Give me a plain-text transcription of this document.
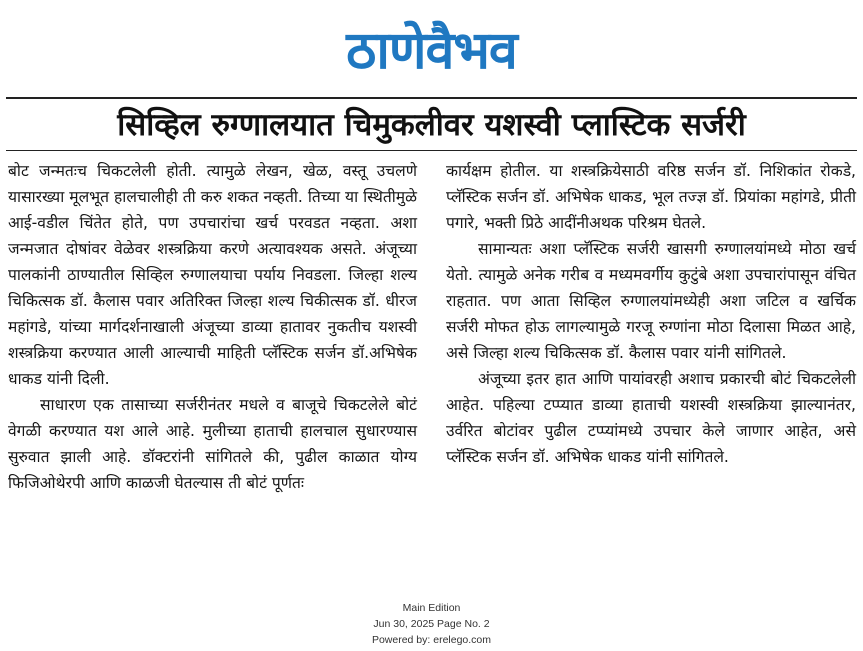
ठाणेवैभव
सिव्हिल रुग्णालयात चिमुकलीवर यशस्वी प्लास्टिक सर्जरी

बोट जन्मतःच चिकटलेली होती. त्यामुळे लेखन, खेळ, वस्तू उचलणे यासारख्या मूलभूत हालचालीही ती करु शकत नव्हती. तिच्या या स्थितीमुळे आई-वडील चिंतेत होते, पण उपचारांचा खर्च परवडत नव्हता. अशा जन्मजात दोषांवर वेळेवर शस्त्रक्रिया करणे अत्यावश्यक असते. अंजूच्या पालकांनी ठाण्यातील सिव्हिल रुग्णालयाचा पर्याय निवडला. जिल्हा शल्य चिकित्सक डॉ. कैलास पवार अतिरिक्त जिल्हा शल्य चिकीत्सक डॉ. धीरज महांगडे, यांच्या मार्गदर्शनाखाली अंजूच्या डाव्या हातावर नुकतीच यशस्वी शस्त्रक्रिया करण्यात आली आल्याची माहिती प्लॅस्टिक सर्जन डॉ.अभिषेक धाकड यांनी दिली.

साधारण एक तासाच्या सर्जरीनंतर मधले व बाजूचे चिकटलेले बोटं वेगळी करण्यात यश आले आहे. मुलीच्या हाताची हालचाल सुधारण्यास सुरुवात झाली आहे. डॉक्टरांनी सांगितले की, पुढील काळात योग्य फिजिओथेरपी आणि काळजी घेतल्यास ती बोटं पूर्णतः

कार्यक्षम होतील. या शस्त्रक्रियेसाठी वरिष्ठ सर्जन डॉ. निशिकांत रोकडे, प्लॅस्टिक सर्जन डॉ. अभिषेक धाकड, भूल तज्ज्ञ डॉ. प्रियांका महांगडे, प्रीती पगारे, भक्ती प्रिठे आदींनीअथक परिश्रम घेतले.

सामान्यतः अशा प्लॅस्टिक सर्जरी खासगी रुग्णालयांमध्ये मोठा खर्च येतो. त्यामुळे अनेक गरीब व मध्यमवर्गीय कुटुंबे अशा उपचारांपासून वंचित राहतात. पण आता सिव्हिल रुग्णालयांमध्येही अशा जटिल व खर्चिक सर्जरी मोफत होऊ लागल्यामुळे गरजू रुग्णांना मोठा दिलासा मिळत आहे, असे जिल्हा शल्य चिकित्सक डॉ. कैलास पवार यांनी सांगितले.

अंजूच्या इतर हात आणि पायांवरही अशाच प्रकारची बोटं चिकटलेली आहेत. पहिल्या टप्प्यात डाव्या हाताची यशस्वी शस्त्रक्रिया झाल्यानंतर, उर्वरित बोटांवर पुढील टप्प्यांमध्ये उपचार केले जाणार आहेत, असे प्लॅस्टिक सर्जन डॉ. अभिषेक धाकड यांनी सांगितले.

Main Edition
Jun 30, 2025 Page No. 2
Powered by: erelego.com
